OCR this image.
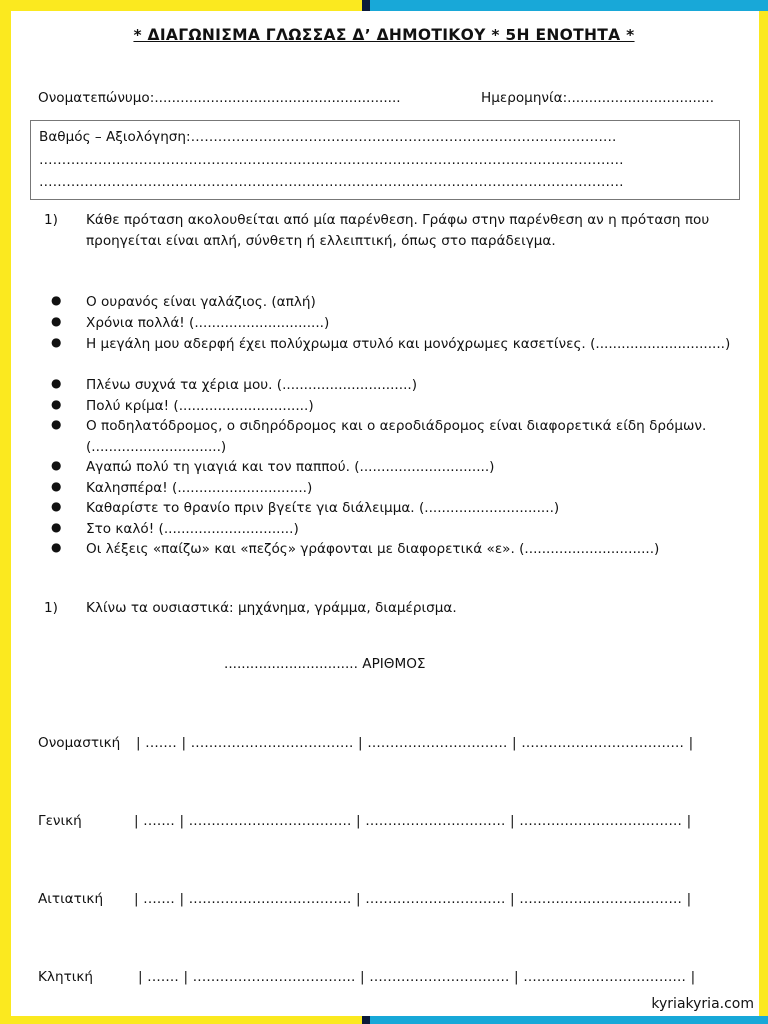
* ΔΙΑΓΩΝΙΣΜΑ ΓΛΩΣΣΑΣ Δ’ ΔΗΜΟΤΙΚΟΥ * 5Η ΕΝΟΤΗΤΑ *
Ονοματεπώνυμο:.........................................................	Ημερομηνία:..................................
Βαθμός – Αξιολόγηση:………………………………………………………………………………….
…………………………………………………………………………………………………………………
…………………………………………………………………………………………………………………
1) Κάθε πρόταση ακολουθείται από μία παρένθεση. Γράφω στην παρένθεση αν η πρόταση που προηγείται είναι απλή, σύνθετη ή ελλειπτική, όπως στο παράδειγμα.
● Ο ουρανός είναι γαλάζιος. (απλή)
● Χρόνια πολλά! (..............................)
● Η μεγάλη μου αδερφή έχει πολύχρωμα στυλό και μονόχρωμες κασετίνες. (..............................)
● Πλένω συχνά τα χέρια μου. (..............................)
● Πολύ κρίμα! (..............................)
● Ο ποδηλατόδρομος, ο σιδηρόδρομος και ο αεροδιάδρομος είναι διαφορετικά είδη δρόμων. (..............................)
● Αγαπώ πολύ τη γιαγιά και τον παππού. (..............................)
● Καλησπέρα! (..............................)
● Καθαρίστε το θρανίο πριν βγείτε για διάλειμμα. (..............................)
● Στο καλό! (..............................)
● Οι λέξεις «παίζω» και «πεζός» γράφονται με διαφορετικά «ε». (..............................)
1) Κλίνω τα ουσιαστικά: μηχάνημα, γράμμα, διαμέρισμα.
............................... ΑΡΙΘΜΟΣ
Ονομαστική | ....... | .................................... | ............................... | .................................... |
Γενική	| ....... | .................................... | ............................... | .................................... |
Αιτιατική | ....... | .................................... | ............................... | .................................... |
Κλητική	| ....... | .................................... | ............................... | .................................... |
kyriakyria.com
